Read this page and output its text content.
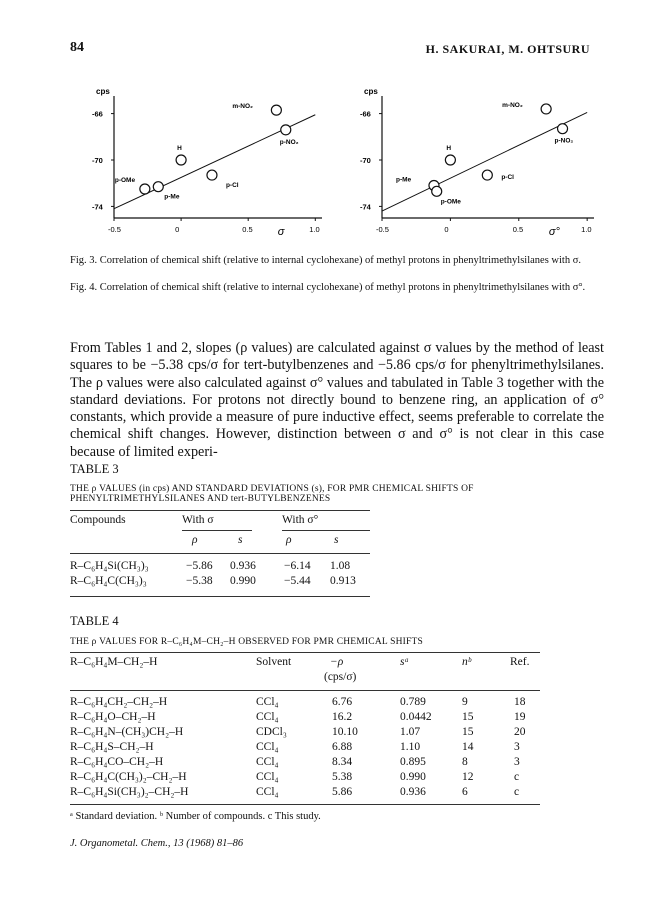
84	H. SAKURAI, M. OHTSURU
cps
-66
-70
-74
-0.5	0	0.5	1.0
σ
m-NO₂
p-NO₂
H
p-Cl
p-OMe
p-Me
cps
-66
-70
-74
-0.5	0	0.5	1.0
σ°
m-NO₂
p-NO₂
H
p-Cl
p-Me
p-OMe
Fig. 3. Correlation of chemical shift (relative to internal cyclohexane) of methyl protons in phenyltrimethylsilanes with σ.
Fig. 4. Correlation of chemical shift (relative to internal cyclohexane) of methyl protons in phenyltrimethylsilanes with σ°.
From Tables 1 and 2, slopes (ρ values) are calculated against σ values by the method of least squares to be −5.38 cps/σ for tert-butylbenzenes and −5.86 cps/σ for phenyltrimethylsilanes. The ρ values were also calculated against σ° values and tabulated in Table 3 together with the standard deviations. For protons not directly bound to benzene ring, an application of σ° constants, which provide a measure of pure inductive effect, seems preferable to correlate the chemical shift changes. However, distinction between σ and σ° is not clear in this case because of limited experi-
TABLE 3
THE ρ VALUES (in cps) AND STANDARD DEVIATIONS (s), FOR PMR CHEMICAL SHIFTS OF PHENYLTRIMETHYLSILANES AND tert-BUTYLBENZENES
Compounds	With σ	With σ°
ρ	s	ρ	s
R–C₆H₄Si(CH₃)₃	−5.86 0.936 −6.14 1.08
R–C₆H₄C(CH₃)₃	−5.38 0.990 −5.44 0.913
TABLE 4
THE ρ VALUES FOR R–C₆H₄M–CH₂–H OBSERVED FOR PMR CHEMICAL SHIFTS
R–C₆H₄M–CH₂–H	Solvent	−ρ
(cps/σ)
sᵃ	nᵇ	Ref.
R–C₆H₄CH₂–CH₂–H	CCl₄	6.76	0.789	9	18
R–C₆H₄O–CH₂–H	CCl₄	16.2	0.0442	15	19
R–C₆H₄N–(CH₃)CH₂–H	CDCl₃	10.10	1.07	15	20
R–C₆H₄S–CH₂–H	CCl₄	6.88	1.10	14	3
R–C₆H₄CO–CH₂–H	CCl₄	8.34	0.895	8	3
R–C₆H₄C(CH₃)₂–CH₂–H	CCl₄	5.38	0.990	12	c
R–C₆H₄Si(CH₃)₂–CH₂–H	CCl₄	5.86	0.936	6	c
ᵃ Standard deviation. ᵇ Number of compounds. c This study.
J. Organometal. Chem., 13 (1968) 81–86
